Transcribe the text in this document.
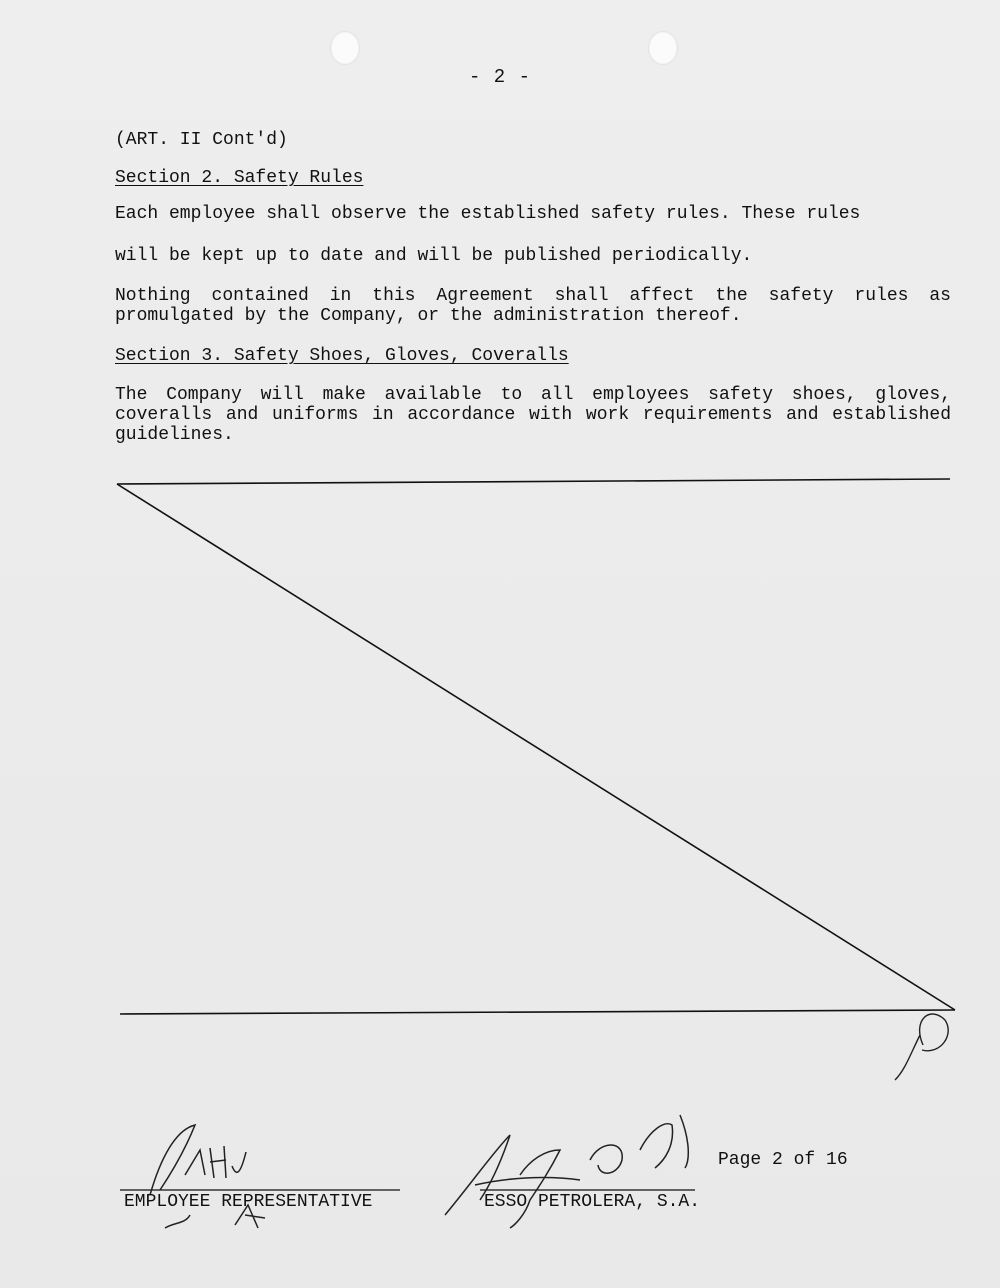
- 2 -
(ART. II Cont'd)
Section 2. Safety Rules
Each employee shall observe the established safety rules. These rules
will be kept up to date and will be published periodically.
Nothing contained in this Agreement shall affect the safety rules as promulgated by the Company, or the administration thereof.
Section 3. Safety Shoes, Gloves, Coveralls
The Company will make available to all employees safety shoes, gloves, coveralls and uniforms in accordance with work requirements and established guidelines.
EMPLOYEE REPRESENTATIVE	ESSO PETROLERA, S.A.
Page 2 of 16
